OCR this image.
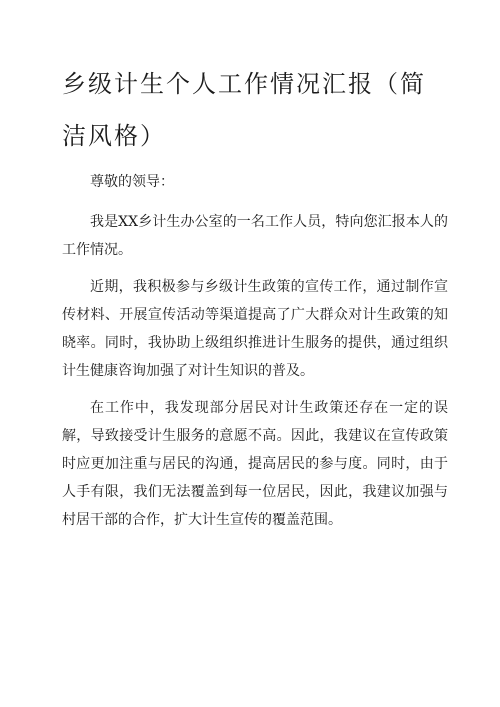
乡级计生个人工作情况汇报（简洁风格）

尊敬的领导：

我是XX乡计生办公室的一名工作人员，特向您汇报本人的工作情况。

近期，我积极参与乡级计生政策的宣传工作，通过制作宣传材料、开展宣传活动等渠道提高了广大群众对计生政策的知晓率。同时，我协助上级组织推进计生服务的提供，通过组织计生健康咨询加强了对计生知识的普及。

在工作中，我发现部分居民对计生政策还存在一定的误解，导致接受计生服务的意愿不高。因此，我建议在宣传政策时应更加注重与居民的沟通，提高居民的参与度。同时，由于人手有限，我们无法覆盖到每一位居民，因此，我建议加强与村居干部的合作，扩大计生宣传的覆盖范围。
